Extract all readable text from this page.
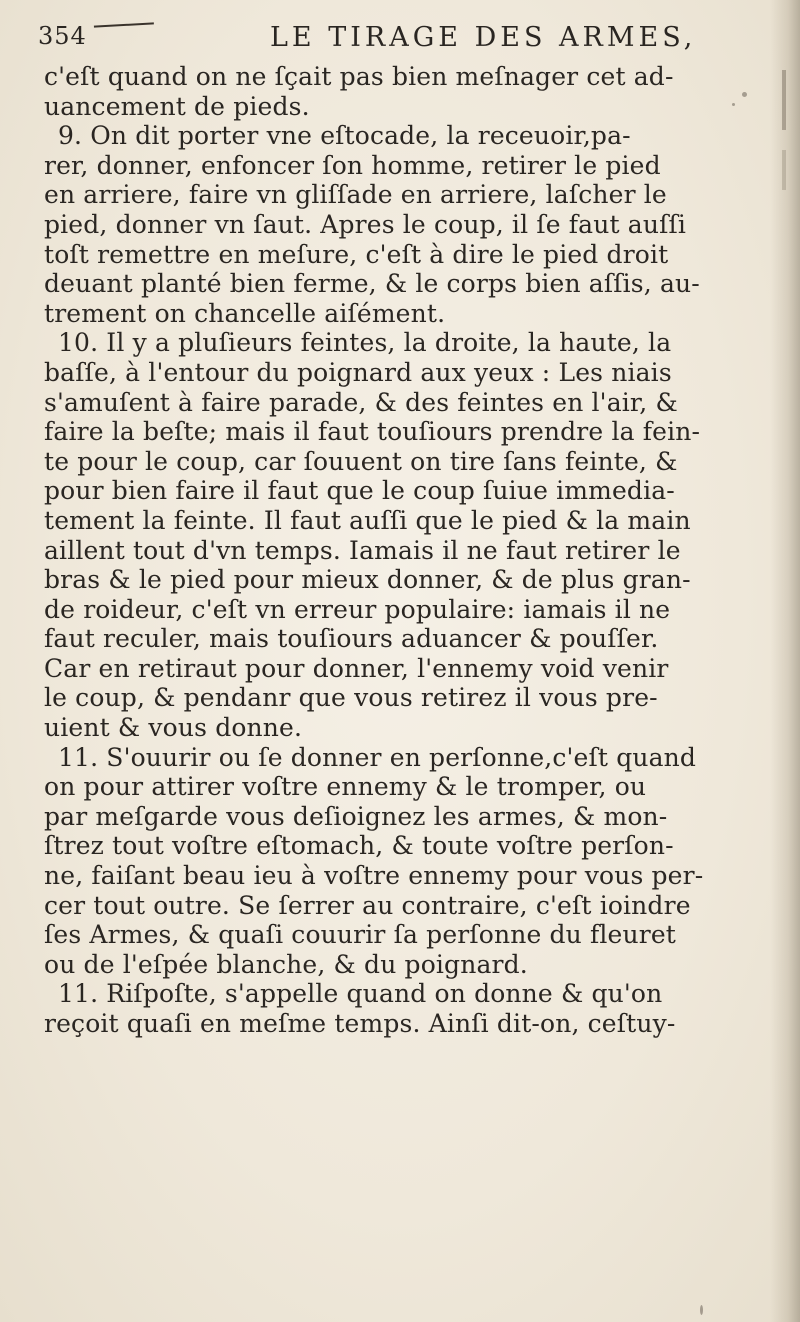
354	LE TIRAGE DES ARMES,
c'eſt quand on ne ſçait pas bien meſnager cet ad-
uancement de pieds.
9. On dit porter vne eſtocade, la receuoir,pa-
rer, donner, enfoncer ſon homme, retirer le pied
en arriere, faire vn gliſſade en arriere, laſcher le
pied, donner vn ſaut. Apres le coup, il ſe faut auſſi
toſt remettre en meſure, c'eſt à dire le pied droit
deuant planté bien ferme, & le corps bien aſſis, au-
trement on chancelle aiſément.
10. Il y a pluſieurs feintes, la droite, la haute, la
baſſe, à l'entour du poignard aux yeux : Les niais
s'amuſent à faire parade, & des feintes en l'air, &
faire la beſte; mais il faut touſiours prendre la fein-
te pour le coup, car ſouuent on tire ſans feinte, &
pour bien faire il faut que le coup ſuiue immedia-
tement la feinte. Il faut auſſi que le pied & la main
aillent tout d'vn temps. Iamais il ne faut retirer le
bras & le pied pour mieux donner, & de plus gran-
de roideur, c'eſt vn erreur populaire: iamais il ne
faut reculer, mais touſiours aduancer & pouſſer.
Car en retiraut pour donner, l'ennemy void venir
le coup, & pendanr que vous retirez il vous pre-
uient & vous donne.
11. S'ouurir ou ſe donner en perſonne,c'eſt quand
on pour attirer voſtre ennemy & le tromper, ou
par meſgarde vous deſioignez les armes, & mon-
ſtrez tout voſtre eſtomach, & toute voſtre perſon-
ne, faiſant beau ieu à voſtre ennemy pour vous per-
cer tout outre. Se ſerrer au contraire, c'eſt ioindre
ſes Armes, & quaſi couurir ſa perſonne du fleuret
ou de l'eſpée blanche, & du poignard.
11. Riſpoſte, s'appelle quand on donne & qu'on
reçoit quaſi en meſme temps. Ainſi dit-on, ceſtuy-
